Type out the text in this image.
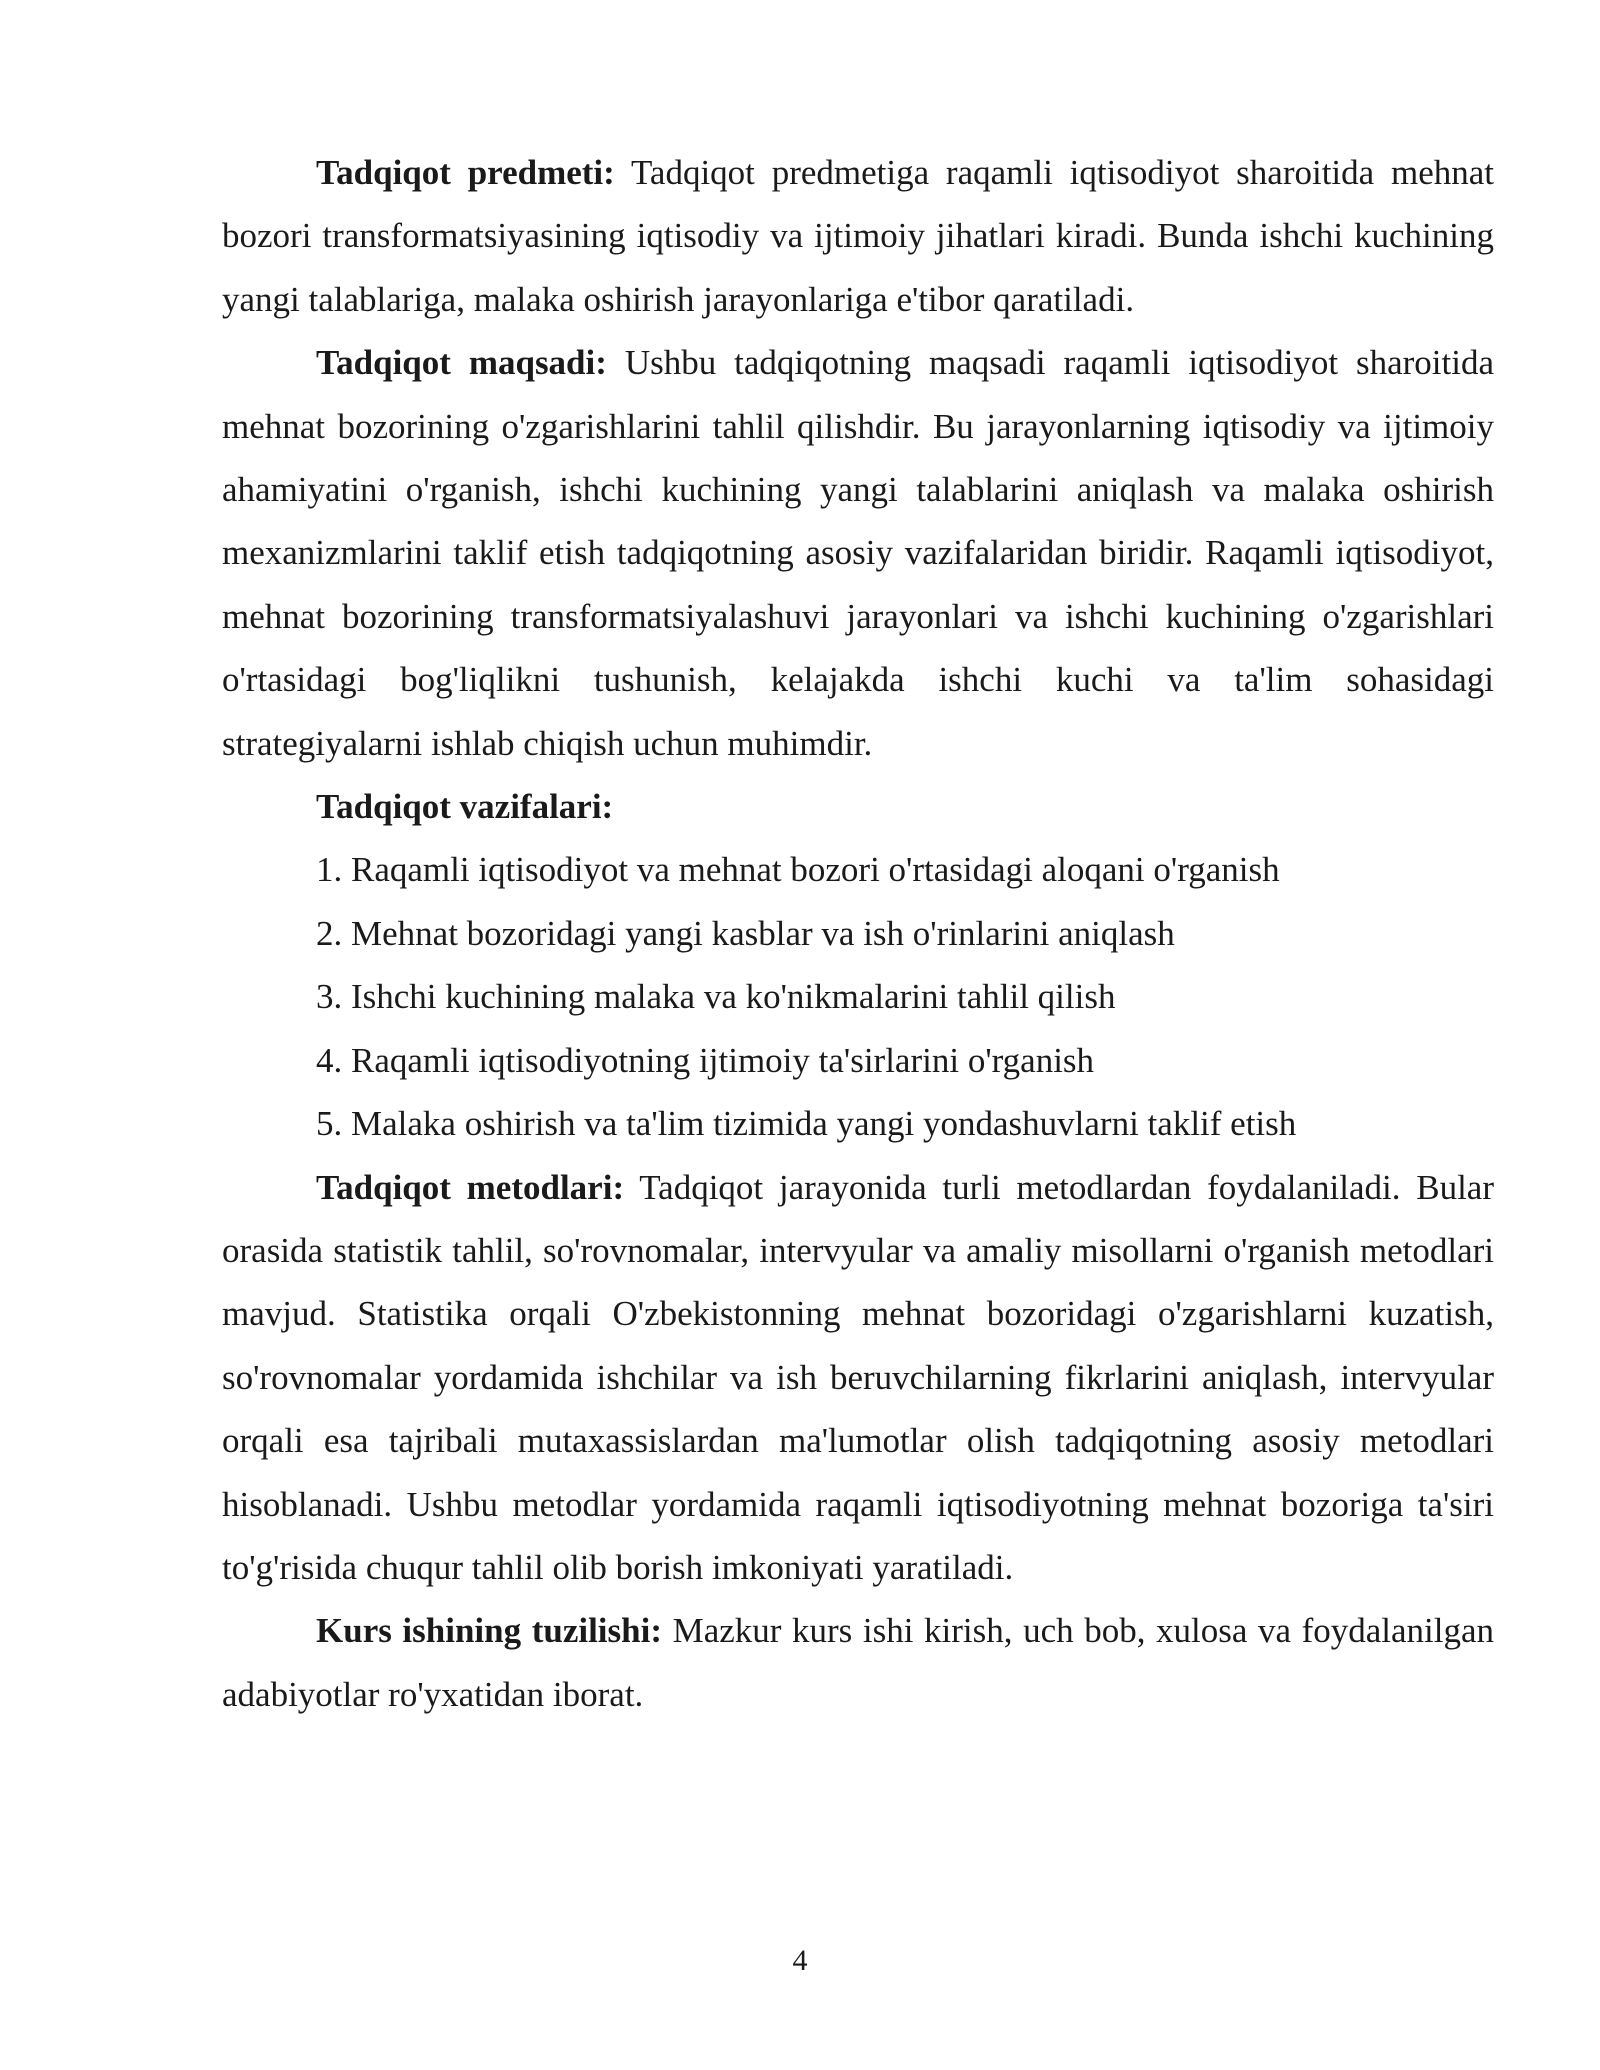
Tadqiqot predmeti: Tadqiqot predmetiga raqamli iqtisodiyot sharoitida mehnat bozori transformatsiyasining iqtisodiy va ijtimoiy jihatlari kiradi. Bunda ishchi kuchining yangi talablariga, malaka oshirish jarayonlariga e'tibor qaratiladi.

Tadqiqot maqsadi: Ushbu tadqiqotning maqsadi raqamli iqtisodiyot sharoitida mehnat bozorining o'zgarishlarini tahlil qilishdir. Bu jarayonlarning iqtisodiy va ijtimoiy ahamiyatini o'rganish, ishchi kuchining yangi talablarini aniqlash va malaka oshirish mexanizmlarini taklif etish tadqiqotning asosiy vazifalaridan biridir. Raqamli iqtisodiyot, mehnat bozorining transformatsiyalashuvi jarayonlari va ishchi kuchining o'zgarishlari o'rtasidagi bog'liqlikni tushunish, kelajakda ishchi kuchi va ta'lim sohasidagi strategiyalarni ishlab chiqish uchun muhimdir.

Tadqiqot vazifalari:

1. Raqamli iqtisodiyot va mehnat bozori o'rtasidagi aloqani o'rganish
2. Mehnat bozoridagi yangi kasblar va ish o'rinlarini aniqlash
3. Ishchi kuchining malaka va ko'nikmalarini tahlil qilish
4. Raqamli iqtisodiyotning ijtimoiy ta'sirlarini o'rganish
5. Malaka oshirish va ta'lim tizimida yangi yondashuvlarni taklif etish

Tadqiqot metodlari: Tadqiqot jarayonida turli metodlardan foydalaniladi. Bular orasida statistik tahlil, so'rovnomalar, intervyular va amaliy misollarni o'rganish metodlari mavjud. Statistika orqali O'zbekistonning mehnat bozoridagi o'zgarishlarni kuzatish, so'rovnomalar yordamida ishchilar va ish beruvchilarning fikrlarini aniqlash, intervyular orqali esa tajribali mutaxassislardan ma'lumotlar olish tadqiqotning asosiy metodlari hisoblanadi. Ushbu metodlar yordamida raqamli iqtisodiyotning mehnat bozoriga ta'siri to'g'risida chuqur tahlil olib borish imkoniyati yaratiladi.

Kurs ishining tuzilishi: Mazkur kurs ishi kirish, uch bob, xulosa va foydalanilgan adabiyotlar ro'yxatidan iborat.

4
